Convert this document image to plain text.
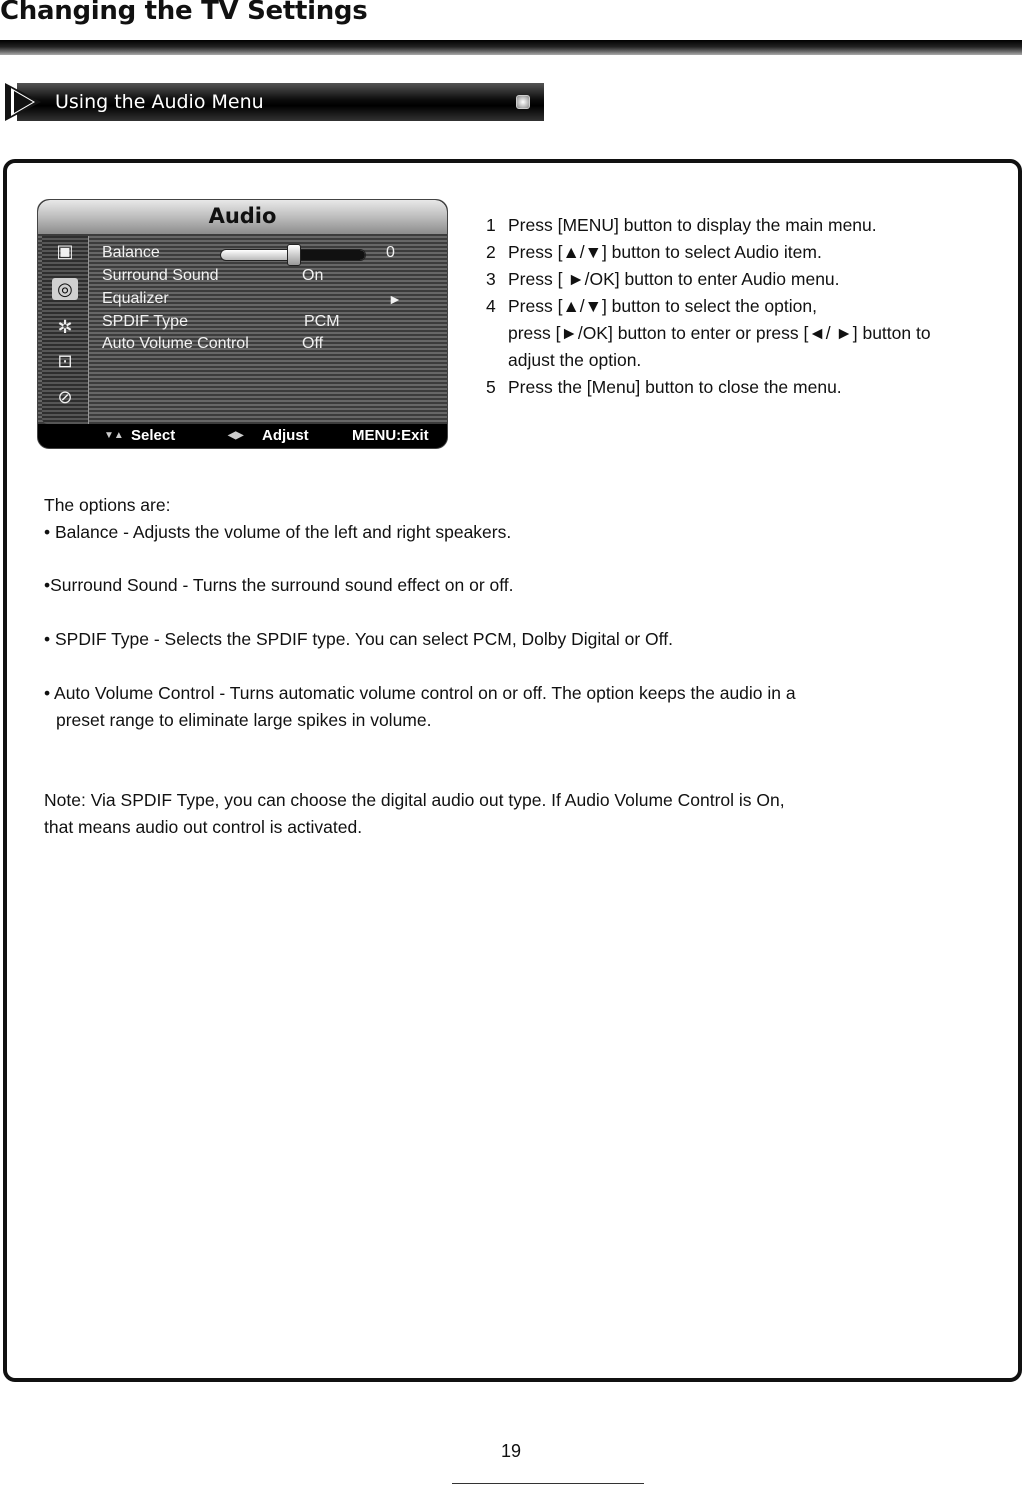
Changing the TV Settings
Using the Audio Menu
Audio
▣
◎
✲
⊡
⊘
Balance	0
Surround Sound	On
Equalizer	►
SPDIF Type	PCM
Auto Volume Control	Off
▼▲ Select	◀▶ Adjust	MENU:Exit
1 Press [MENU] button to display the main menu.
2 Press [▲/▼] button to select Audio item.
3 Press [ ►/OK] button to enter Audio menu.
4 Press [▲/▼] button to select the option,
press [►/OK] button to enter or press [◄/ ►] button to
adjust the option.
5 Press the [Menu] button to close the menu.
The options are:
• Balance - Adjusts the volume of the left and right speakers.
•Surround Sound - Turns the surround sound effect on or off.
• SPDIF Type - Selects the SPDIF type. You can select PCM, Dolby Digital or Off.
• Auto Volume Control - Turns automatic volume control on or off. The option keeps the audio in a
preset range to eliminate large spikes in volume.
Note: Via SPDIF Type, you can choose the digital audio out type. If Audio Volume Control is On,
that means audio out control is activated.
19
